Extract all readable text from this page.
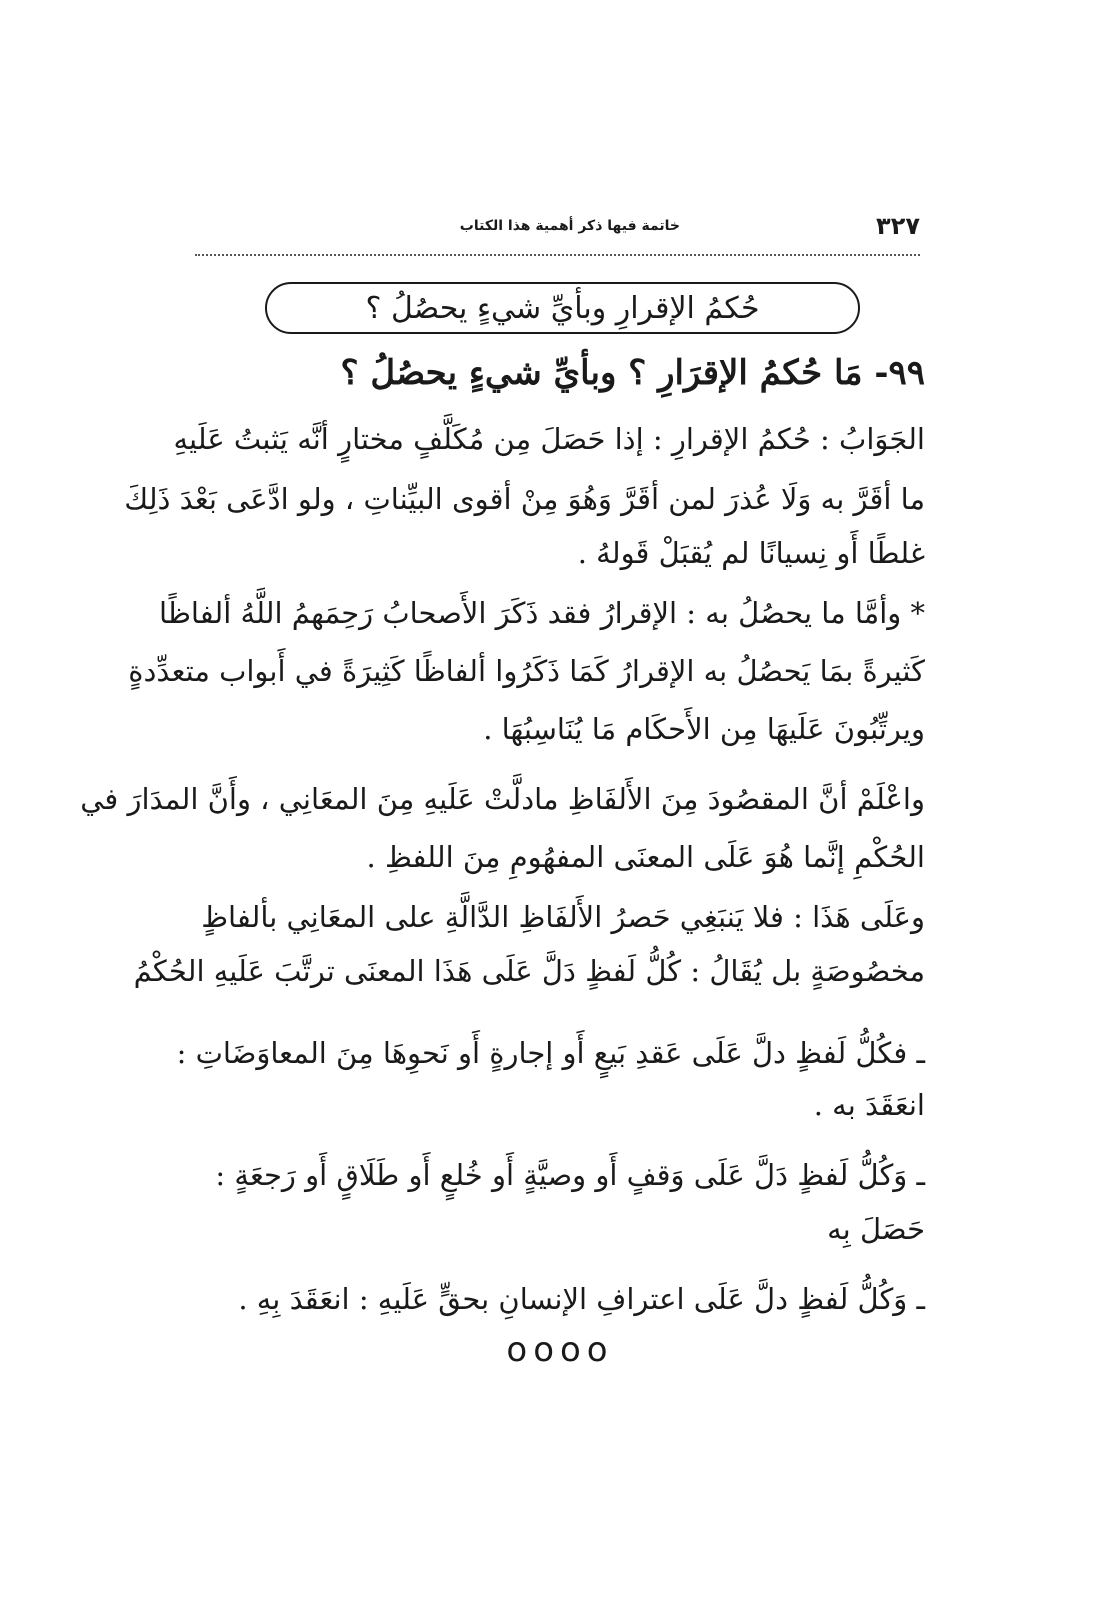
٣٢٧
خاتمة فيها ذكر أهمية هذا الكتاب
حُكمُ الإقرارِ وبأيِّ شيءٍ يحصُلُ ؟
٩٩- مَا حُكمُ الإقرَارِ ؟ وبأيِّ شيءٍ يحصُلُ ؟
الجَوَابُ : حُكمُ الإقرارِ : إذا حَصَلَ مِن مُكَلَّفٍ مختارٍ أنَّه يَثبتُ عَلَيهِ
ما أقَرَّ به وَلَا عُذرَ لمن أقَرَّ وَهُوَ مِنْ أقوى البيِّناتِ ، ولو ادَّعَى بَعْدَ ذَلِكَ
غلطًا أَو نِسيانًا لم يُقبَلْ قَولهُ .
* وأمَّا ما يحصُلُ به : الإقرارُ فقد ذَكَرَ الأَصحابُ رَحِمَهمُ اللَّهُ ألفاظًا
كَثيرةً بمَا يَحصُلُ به الإقرارُ كَمَا ذَكَرُوا ألفاظًا كَثِيرَةً في أَبواب متعدِّدةٍ
ويرتِّبُونَ عَلَيهَا مِن الأَحكَام مَا يُنَاسِبُهَا .
واعْلَمْ أنَّ المقصُودَ مِنَ الأَلفَاظِ مادلَّتْ عَلَيهِ مِنَ المعَانِي ، وأَنَّ المدَارَ في
الحُكْمِ إنَّما هُوَ عَلَى المعنَى المفهُومِ مِنَ اللفظِ .
وعَلَى هَذَا : فلا يَنبَغِي حَصرُ الأَلفَاظِ الدَّالَّةِ على المعَانِي بألفاظٍ
مخصُوصَةٍ بل يُقَالُ : كُلُّ لَفظٍ دَلَّ عَلَى هَذَا المعنَى ترتَّبَ عَلَيهِ الحُكْمُ
ـ فكُلُّ لَفظٍ دلَّ عَلَى عَقدِ بَيعٍ أَو إجارةٍ أَو نَحوِهَا مِنَ المعاوَضَاتِ :
انعَقَدَ به .
ـ وَكُلُّ لَفظٍ دَلَّ عَلَى وَقفٍ أَو وصيَّةٍ أَو خُلعٍ أَو طَلَاقٍ أَو رَجعَةٍ :
حَصَلَ بِه
ـ وَكُلُّ لَفظٍ دلَّ عَلَى اعترافِ الإنسانِ بحقٍّ عَلَيهِ : انعَقَدَ بِهِ .
oooo
